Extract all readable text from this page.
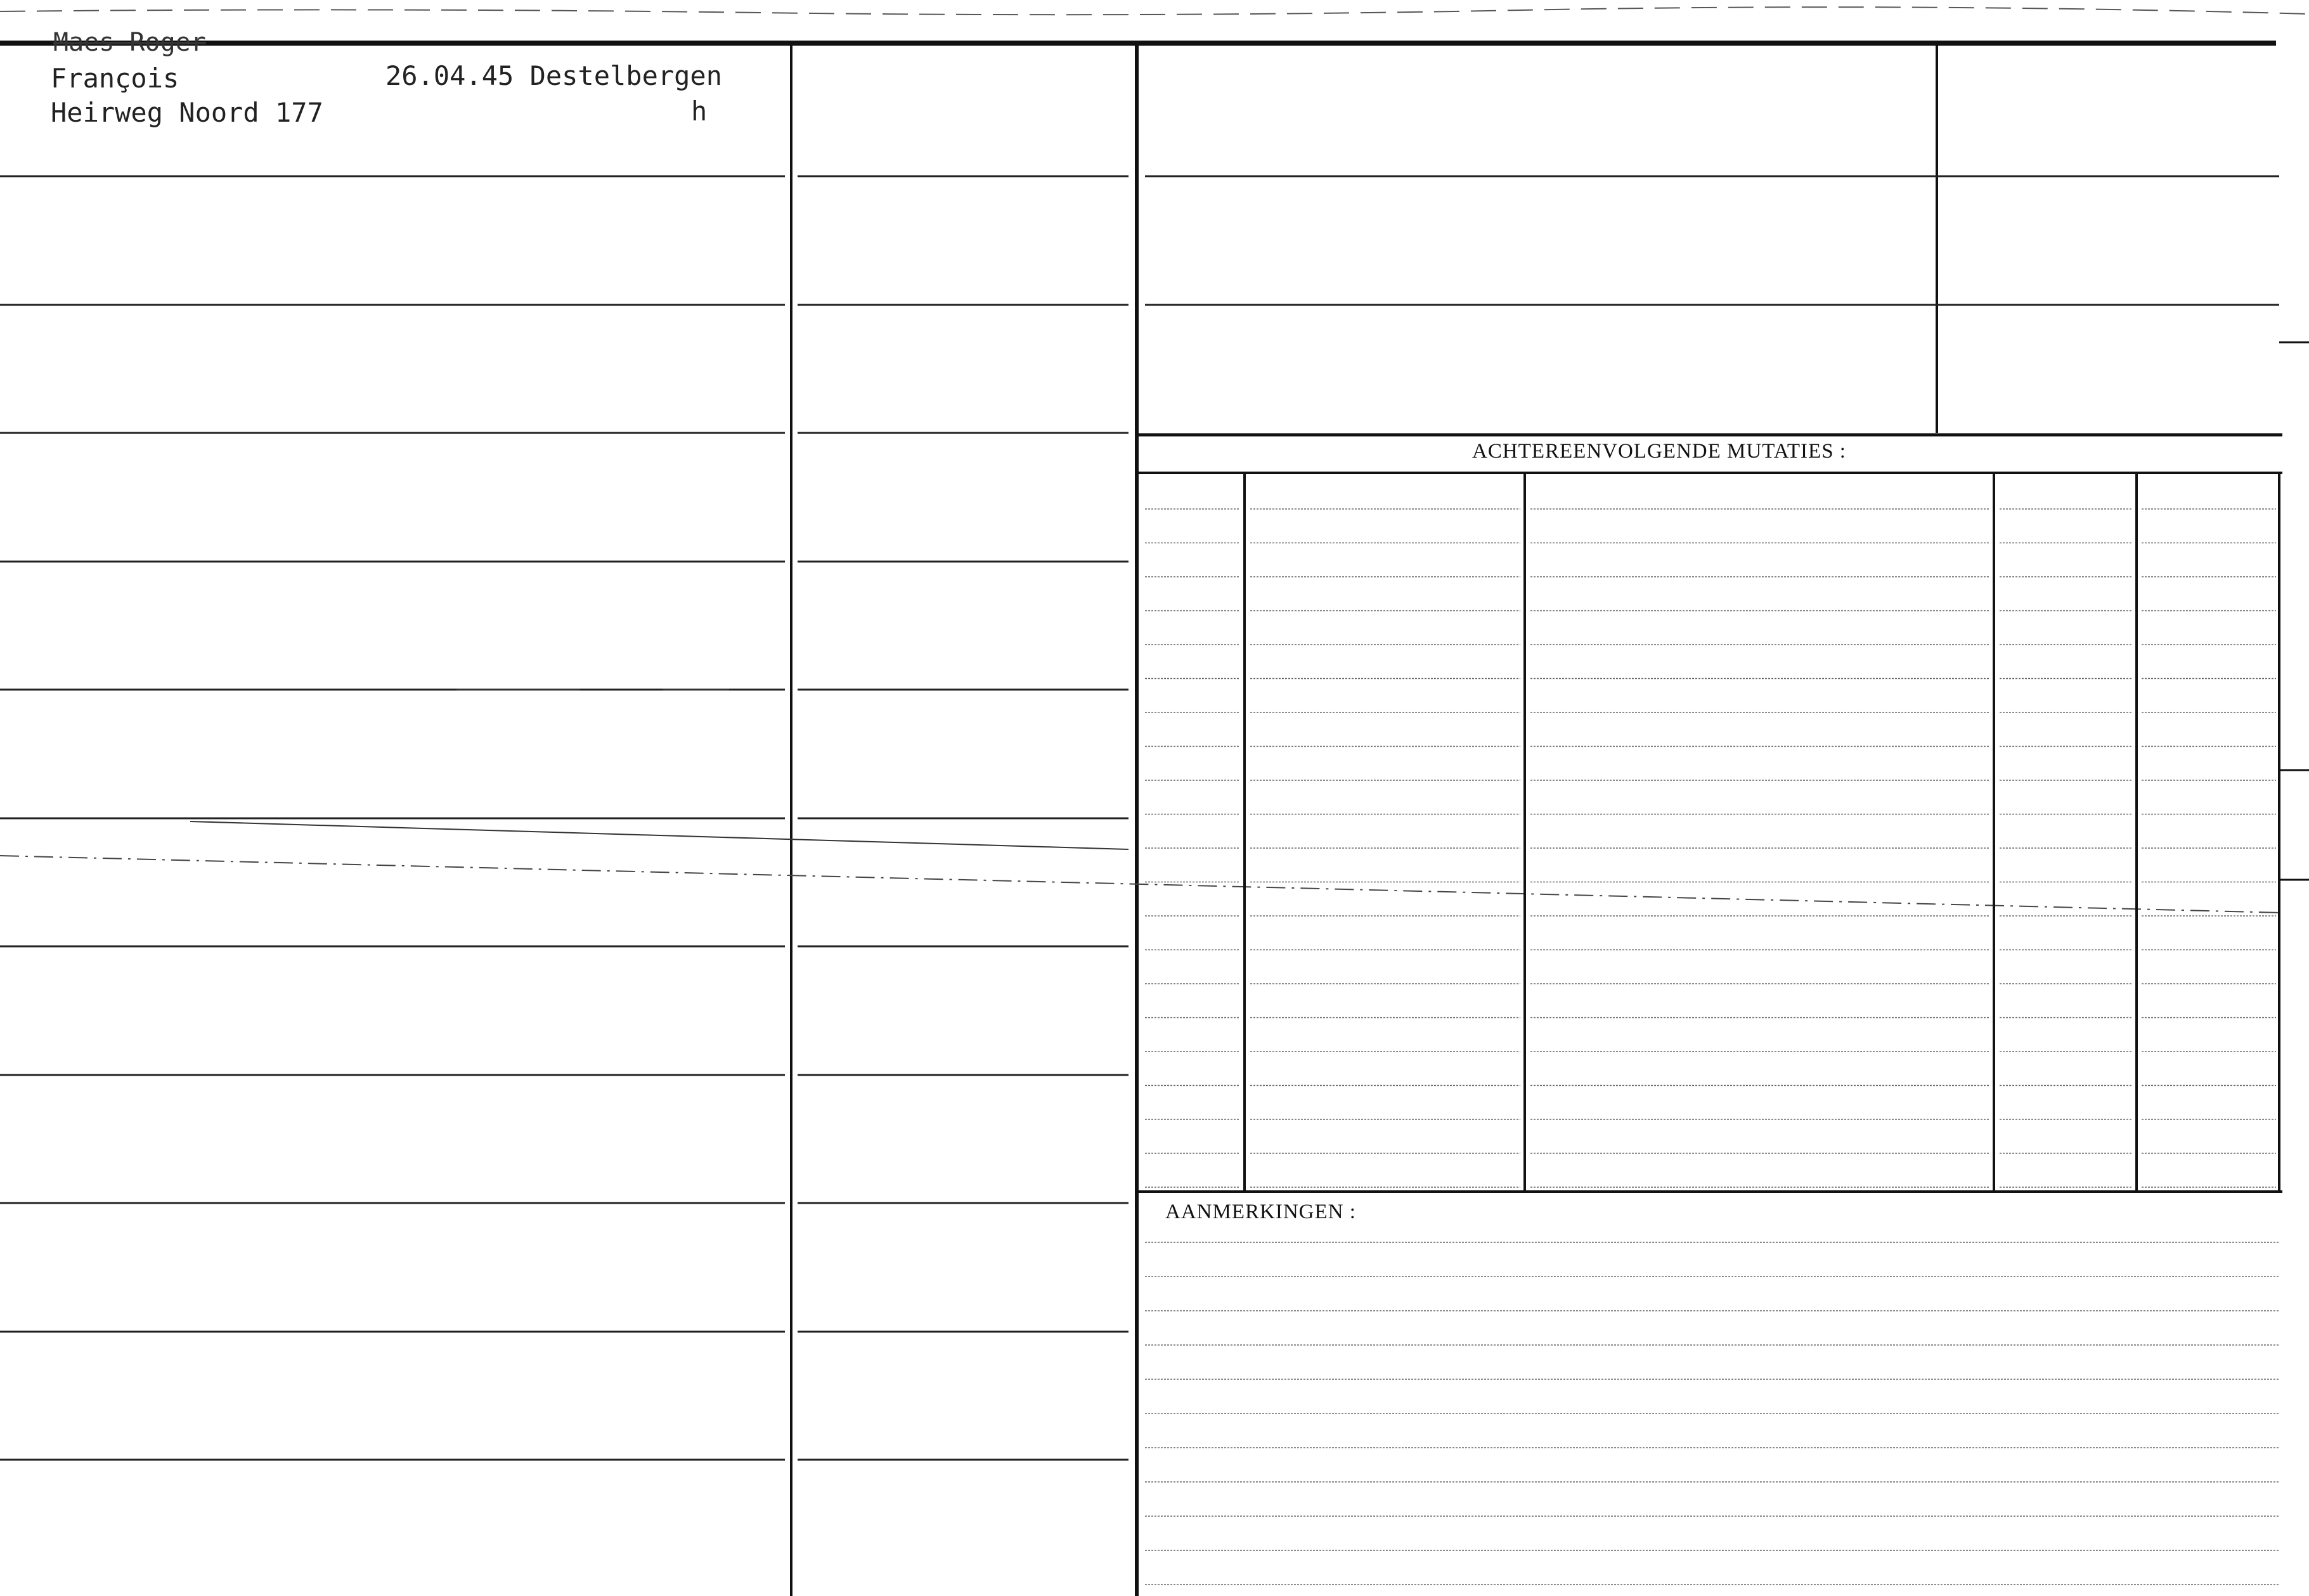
Maes Roger
François	26.04.45 Destelbergen
Heirweg Noord 177	h
ACHTEREENVOLGENDE MUTATIES :
AANMERKINGEN :
